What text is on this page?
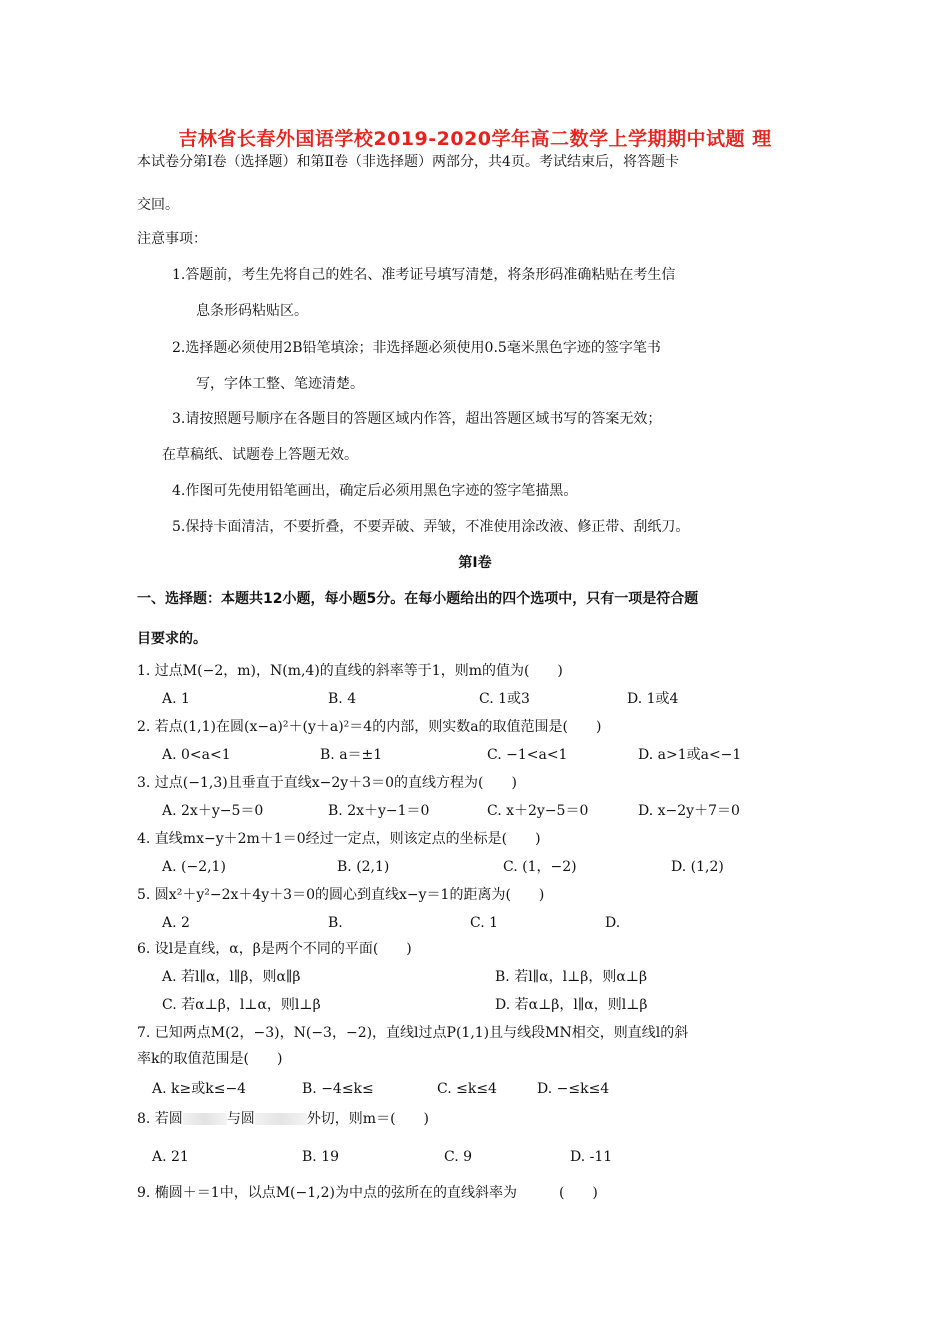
吉林省长春外国语学校2019-2020学年高二数学上学期期中试题 理
本试卷分第Ⅰ卷（选择题）和第Ⅱ卷（非选择题）两部分，共4页。考试结束后，将答题卡
交回。
注意事项：
1.答题前，考生先将自己的姓名、准考证号填写清楚，将条形码准确粘贴在考生信
息条形码粘贴区。
2.选择题必须使用2B铅笔填涂；非选择题必须使用0.5毫米黑色字迹的签字笔书
写，字体工整、笔迹清楚。
3.请按照题号顺序在各题目的答题区域内作答，超出答题区域书写的答案无效；
在草稿纸、试题卷上答题无效。
4.作图可先使用铅笔画出，确定后必须用黑色字迹的签字笔描黑。
5.保持卡面清洁，不要折叠，不要弄破、弄皱，不准使用涂改液、修正带、刮纸刀。
第Ⅰ卷
一、选择题：本题共12小题，每小题5分。在每小题给出的四个选项中，只有一项是符合题
目要求的。
1. 过点M(−2，m)，N(m,4)的直线的斜率等于1，则m的值为(　　)
A. 1	B. 4	C. 1或3	D. 1或4
2. 若点(1,1)在圆(x−a)²＋(y＋a)²＝4的内部，则实数a的取值范围是(　　)
A. 0<a<1	B. a＝±1	C. −1<a<1	D. a>1或a<−1
3. 过点(−1,3)且垂直于直线x−2y＋3＝0的直线方程为(　　)
A. 2x＋y−5＝0	B. 2x＋y−1＝0	C. x＋2y−5＝0	D. x−2y＋7＝0
4. 直线mx−y＋2m＋1＝0经过一定点，则该定点的坐标是(　　)
A. (−2,1)	B. (2,1)	C. (1，−2)	D. (1,2)
5. 圆x²＋y²−2x＋4y＋3＝0的圆心到直线x−y＝1的距离为(　　)
A. 2	B.	C. 1	D.
6. 设l是直线，α，β是两个不同的平面(　　)
A. 若l∥α，l∥β，则α∥β	B. 若l∥α，l⊥β，则α⊥β
C. 若α⊥β，l⊥α，则l⊥β	D. 若α⊥β，l∥α，则l⊥β
7. 已知两点M(2，−3)，N(−3，−2)，直线l过点P(1,1)且与线段MN相交，则直线l的斜
率k的取值范围是(　　)
A. k≥或k≤−4	B. −4≤k≤	C. ≤k≤4	D. −≤k≤4
8. 若圆	与圆	外切，则m＝(　　)
A. 21	B. 19	C. 9	D. -11
9. 椭圆＋＝1中，以点M(−1,2)为中点的弦所在的直线斜率为　　　(　　)
